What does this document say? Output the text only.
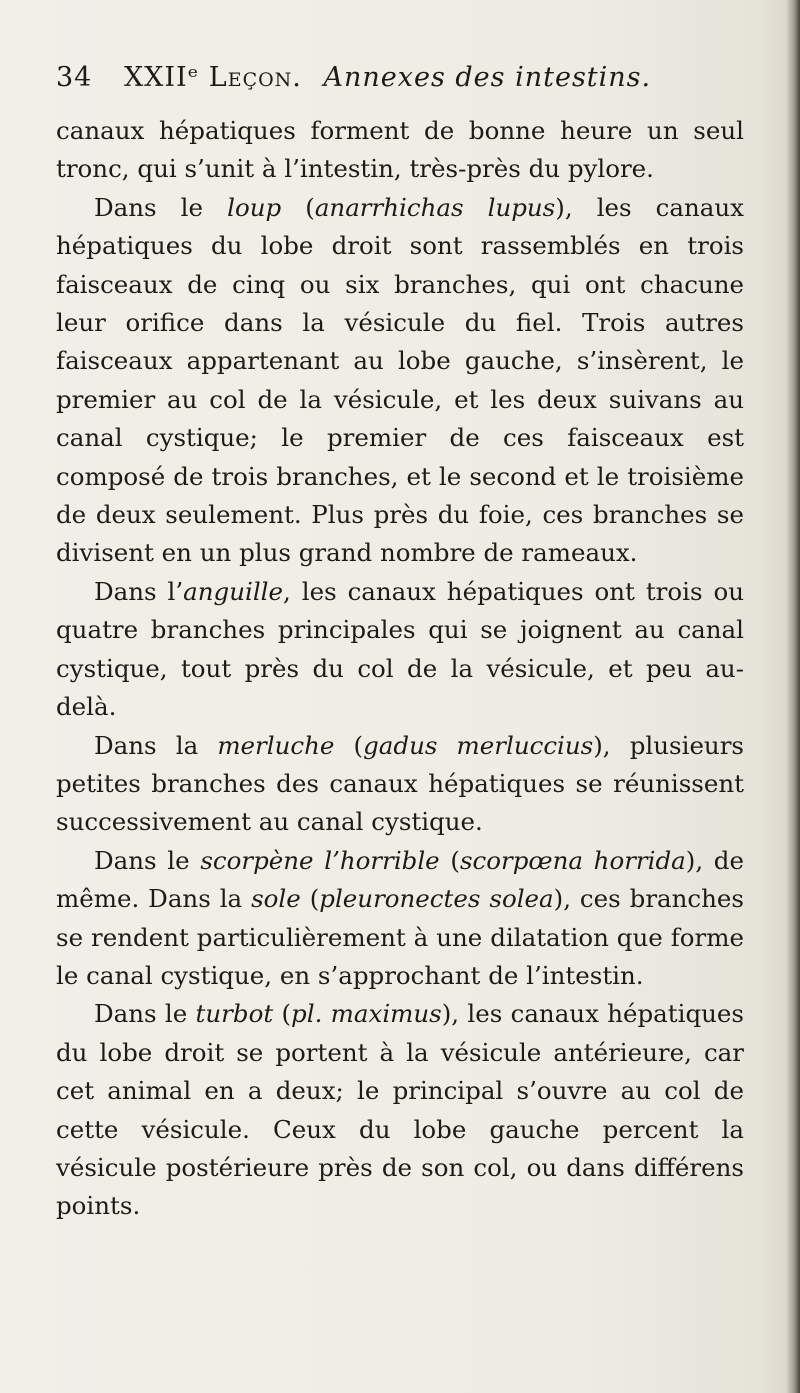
34 XXIIᵉ Leçon. Annexes des intestins.

canaux hépatiques forment de bonne heure un seul tronc, qui s’unit à l’intestin, très-près du pylore.

Dans le loup (anarrhichas lupus), les canaux hépatiques du lobe droit sont rassemblés en trois faisceaux de cinq ou six branches, qui ont chacune leur orifice dans la vésicule du fiel. Trois autres faisceaux appartenant au lobe gauche, s’insèrent, le premier au col de la vésicule, et les deux suivans au canal cystique; le premier de ces faisceaux est composé de trois branches, et le second et le troisième de deux seulement. Plus près du foie, ces branches se divisent en un plus grand nombre de rameaux.

Dans l’anguille, les canaux hépatiques ont trois ou quatre branches principales qui se joignent au canal cystique, tout près du col de la vésicule, et peu au-delà.

Dans la merluche (gadus merluccius), plusieurs petites branches des canaux hépatiques se réunissent successivement au canal cystique.

Dans le scorpène l’horrible (scorpœna horrida), de même. Dans la sole (pleuronectes solea), ces branches se rendent particulièrement à une dilatation que forme le canal cystique, en s’approchant de l’intestin.

Dans le turbot (pl. maximus), les canaux hépatiques du lobe droit se portent à la vésicule antérieure, car cet animal en a deux; le principal s’ouvre au col de cette vésicule. Ceux du lobe gauche percent la vésicule postérieure près de son col, ou dans différens points.
